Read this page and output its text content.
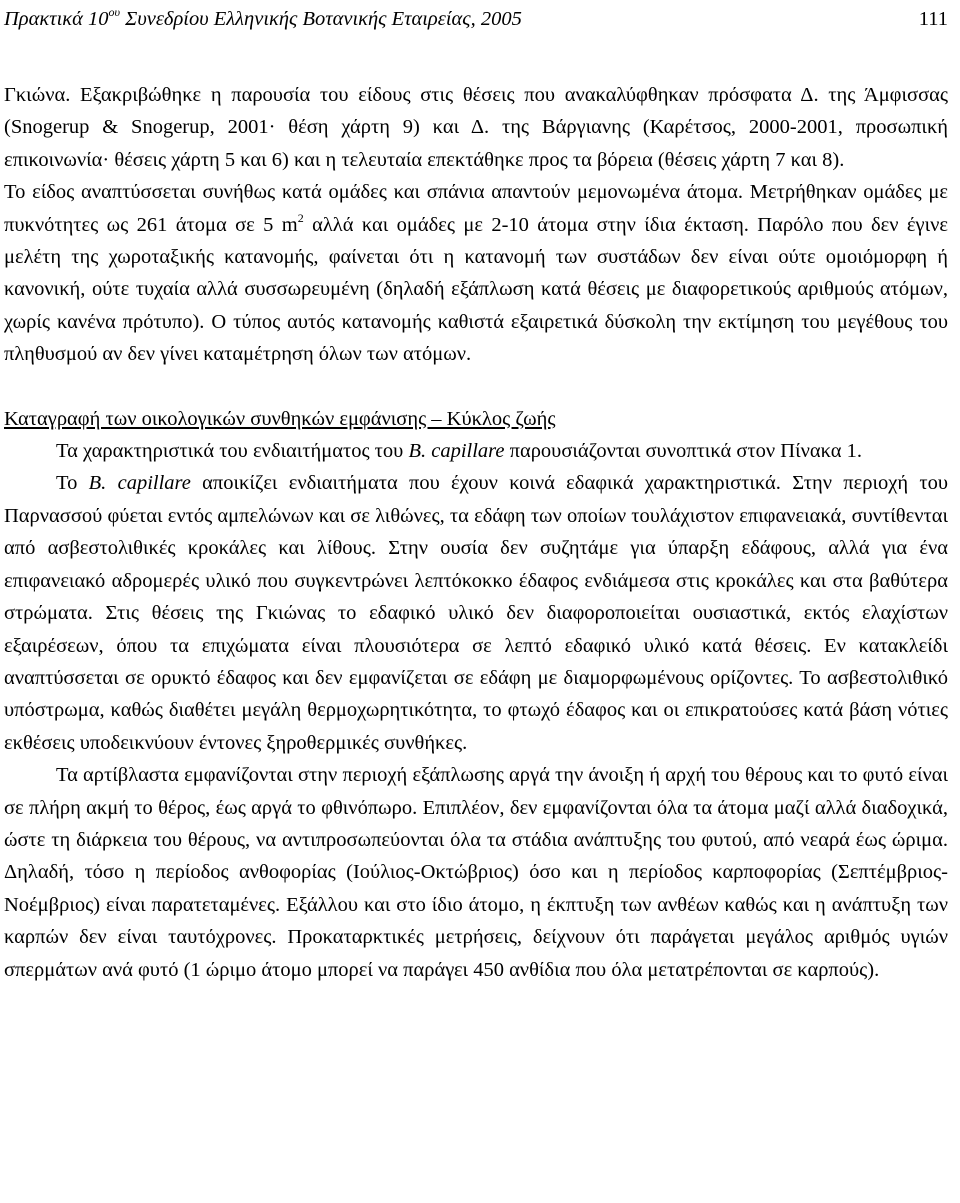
Πρακτικά $10^{o\upsilon}$ Συνεδρίου Ελληνικής Βοτανικής Εταιρείας, 2005	111

Γκιώνα. Εξακριβώθηκε η παρουσία του είδους στις θέσεις που ανακαλύφθηκαν πρόσφατα Δ. της Άμφισσας (Snogerup & Snogerup, 2001· θέση χάρτη 9) και Δ. της Βάργιανης (Καρέτσος, 2000-2001, προσωπική επικοινωνία· θέσεις χάρτη 5 και 6) και η τελευταία επεκτάθηκε προς τα βόρεια (θέσεις χάρτη 7 και 8).

Το είδος αναπτύσσεται συνήθως κατά ομάδες και σπάνια απαντούν μεμονωμένα άτομα. Μετρήθηκαν ομάδες με πυκνότητες ως 261 άτομα σε 5 $m^2$ αλλά και ομάδες με 2-10 άτομα στην ίδια έκταση. Παρόλο που δεν έγινε μελέτη της χωροταξικής κατανομής, φαίνεται ότι η κατανομή των συστάδων δεν είναι ούτε ομοιόμορφη ή κανονική, ούτε τυχαία αλλά συσσωρευμένη (δηλαδή εξάπλωση κατά θέσεις με διαφορετικούς αριθμούς ατόμων, χωρίς κανένα πρότυπο). Ο τύπος αυτός κατανομής καθιστά εξαιρετικά δύσκολη την εκτίμηση του μεγέθους του πληθυσμού αν δεν γίνει καταμέτρηση όλων των ατόμων.

Καταγραφή των οικολογικών συνθηκών εμφάνισης – Κύκλος ζωής

Τα χαρακτηριστικά του ενδιαιτήματος του B. capillare παρουσιάζονται συνοπτικά στον Πίνακα 1.

Το B. capillare αποικίζει ενδιαιτήματα που έχουν κοινά εδαφικά χαρακτηριστικά. Στην περιοχή του Παρνασσού φύεται εντός αμπελώνων και σε λιθώνες, τα εδάφη των οποίων τουλάχιστον επιφανειακά, συντίθενται από ασβεστολιθικές κροκάλες και λίθους. Στην ουσία δεν συζητάμε για ύπαρξη εδάφους, αλλά για ένα επιφανειακό αδρομερές υλικό που συγκεντρώνει λεπτόκοκκο έδαφος ενδιάμεσα στις κροκάλες και στα βαθύτερα στρώματα. Στις θέσεις της Γκιώνας το εδαφικό υλικό δεν διαφοροποιείται ουσιαστικά, εκτός ελαχίστων εξαιρέσεων, όπου τα επιχώματα είναι πλουσιότερα σε λεπτό εδαφικό υλικό κατά θέσεις. Εν κατακλείδι αναπτύσσεται σε ορυκτό έδαφος και δεν εμφανίζεται σε εδάφη με διαμορφωμένους ορίζοντες. Το ασβεστολιθικό υπόστρωμα, καθώς διαθέτει μεγάλη θερμοχωρητικότητα, το φτωχό έδαφος και οι επικρατούσες κατά βάση νότιες εκθέσεις υποδεικνύουν έντονες ξηροθερμικές συνθήκες.

Τα αρτίβλαστα εμφανίζονται στην περιοχή εξάπλωσης αργά την άνοιξη ή αρχή του θέρους και το φυτό είναι σε πλήρη ακμή το θέρος, έως αργά το φθινόπωρο. Επιπλέον, δεν εμφανίζονται όλα τα άτομα μαζί αλλά διαδοχικά, ώστε τη διάρκεια του θέρους, να αντιπροσωπεύονται όλα τα στάδια ανάπτυξης του φυτού, από νεαρά έως ώριμα. Δηλαδή, τόσο η περίοδος ανθοφορίας (Ιούλιος-Οκτώβριος) όσο και η περίοδος καρποφορίας (Σεπτέμβριος-Νοέμβριος) είναι παρατεταμένες. Εξάλλου και στο ίδιο άτομο, η έκπτυξη των ανθέων καθώς και η ανάπτυξη των καρπών δεν είναι ταυτόχρονες. Προκαταρκτικές μετρήσεις, δείχνουν ότι παράγεται μεγάλος αριθμός υγιών σπερμάτων ανά φυτό (1 ώριμο άτομο μπορεί να παράγει 450 ανθίδια που όλα μετατρέπονται σε καρπούς).
